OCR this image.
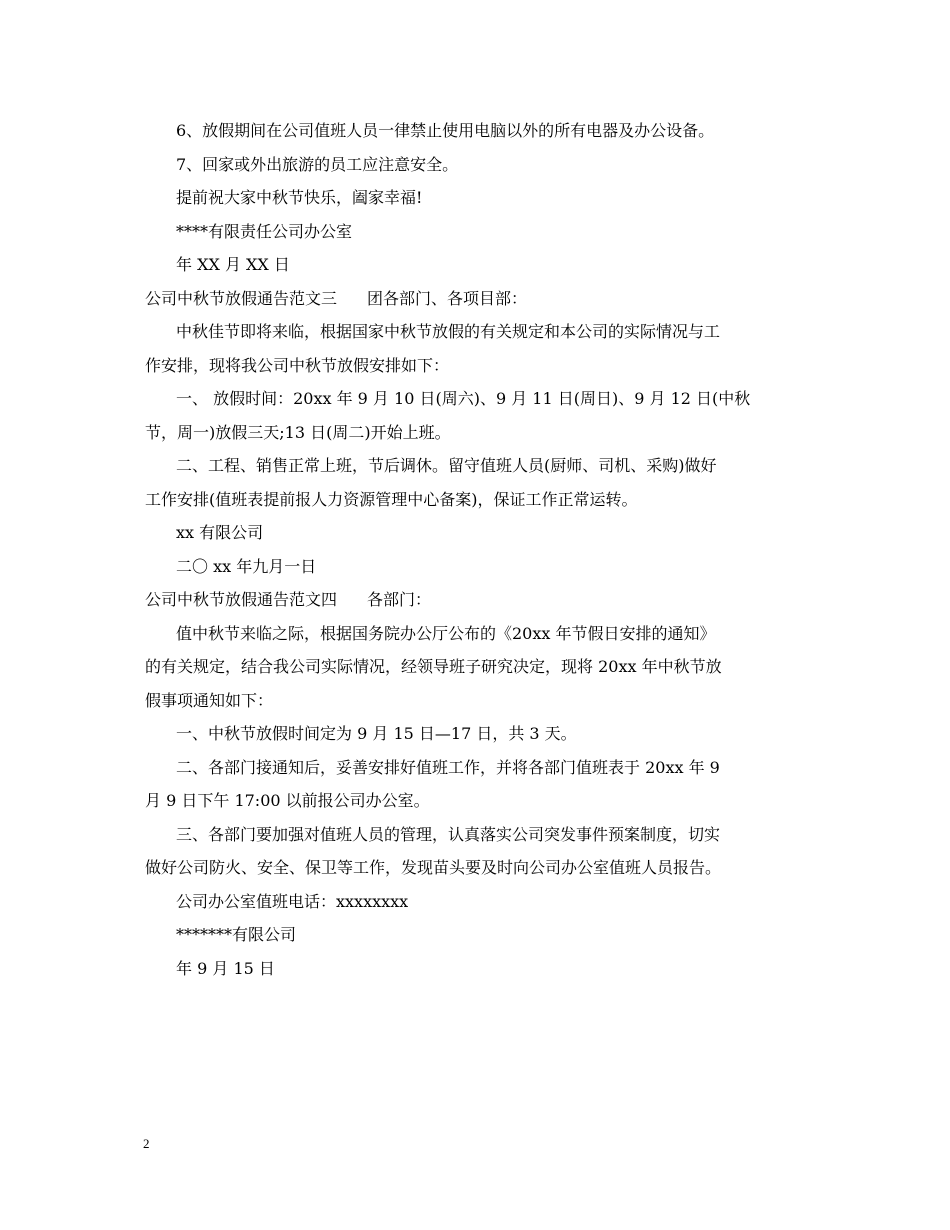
6、放假期间在公司值班人员一律禁止使用电脑以外的所有电器及办公设备。

7、回家或外出旅游的员工应注意安全。

提前祝大家中秋节快乐，阖家幸福!

****有限责任公司办公室

年 XX 月 XX 日

公司中秋节放假通告范文三 团各部门、各项目部：

中秋佳节即将来临，根据国家中秋节放假的有关规定和本公司的实际情况与工

作安排，现将我公司中秋节放假安排如下：

一、 放假时间：20xx 年 9 月 10 日(周六)、9 月 11 日(周日)、9 月 12 日(中秋

节，周一)放假三天;13 日(周二)开始上班。

二、工程、销售正常上班，节后调休。留守值班人员(厨师、司机、采购)做好

工作安排(值班表提前报人力资源管理中心备案)，保证工作正常运转。

xx 有限公司

二〇 xx 年九月一日

公司中秋节放假通告范文四 各部门：

值中秋节来临之际，根据国务院办公厅公布的《20xx 年节假日安排的通知》

的有关规定，结合我公司实际情况，经领导班子研究决定，现将 20xx 年中秋节放

假事项通知如下：

一、中秋节放假时间定为 9 月 15 日—17 日，共 3 天。

二、各部门接通知后，妥善安排好值班工作，并将各部门值班表于 20xx 年 9

月 9 日下午 17:00 以前报公司办公室。

三、各部门要加强对值班人员的管理，认真落实公司突发事件预案制度，切实

做好公司防火、安全、保卫等工作，发现苗头要及时向公司办公室值班人员报告。

公司办公室值班电话：xxxxxxxx

*******有限公司

年 9 月 15 日

2
